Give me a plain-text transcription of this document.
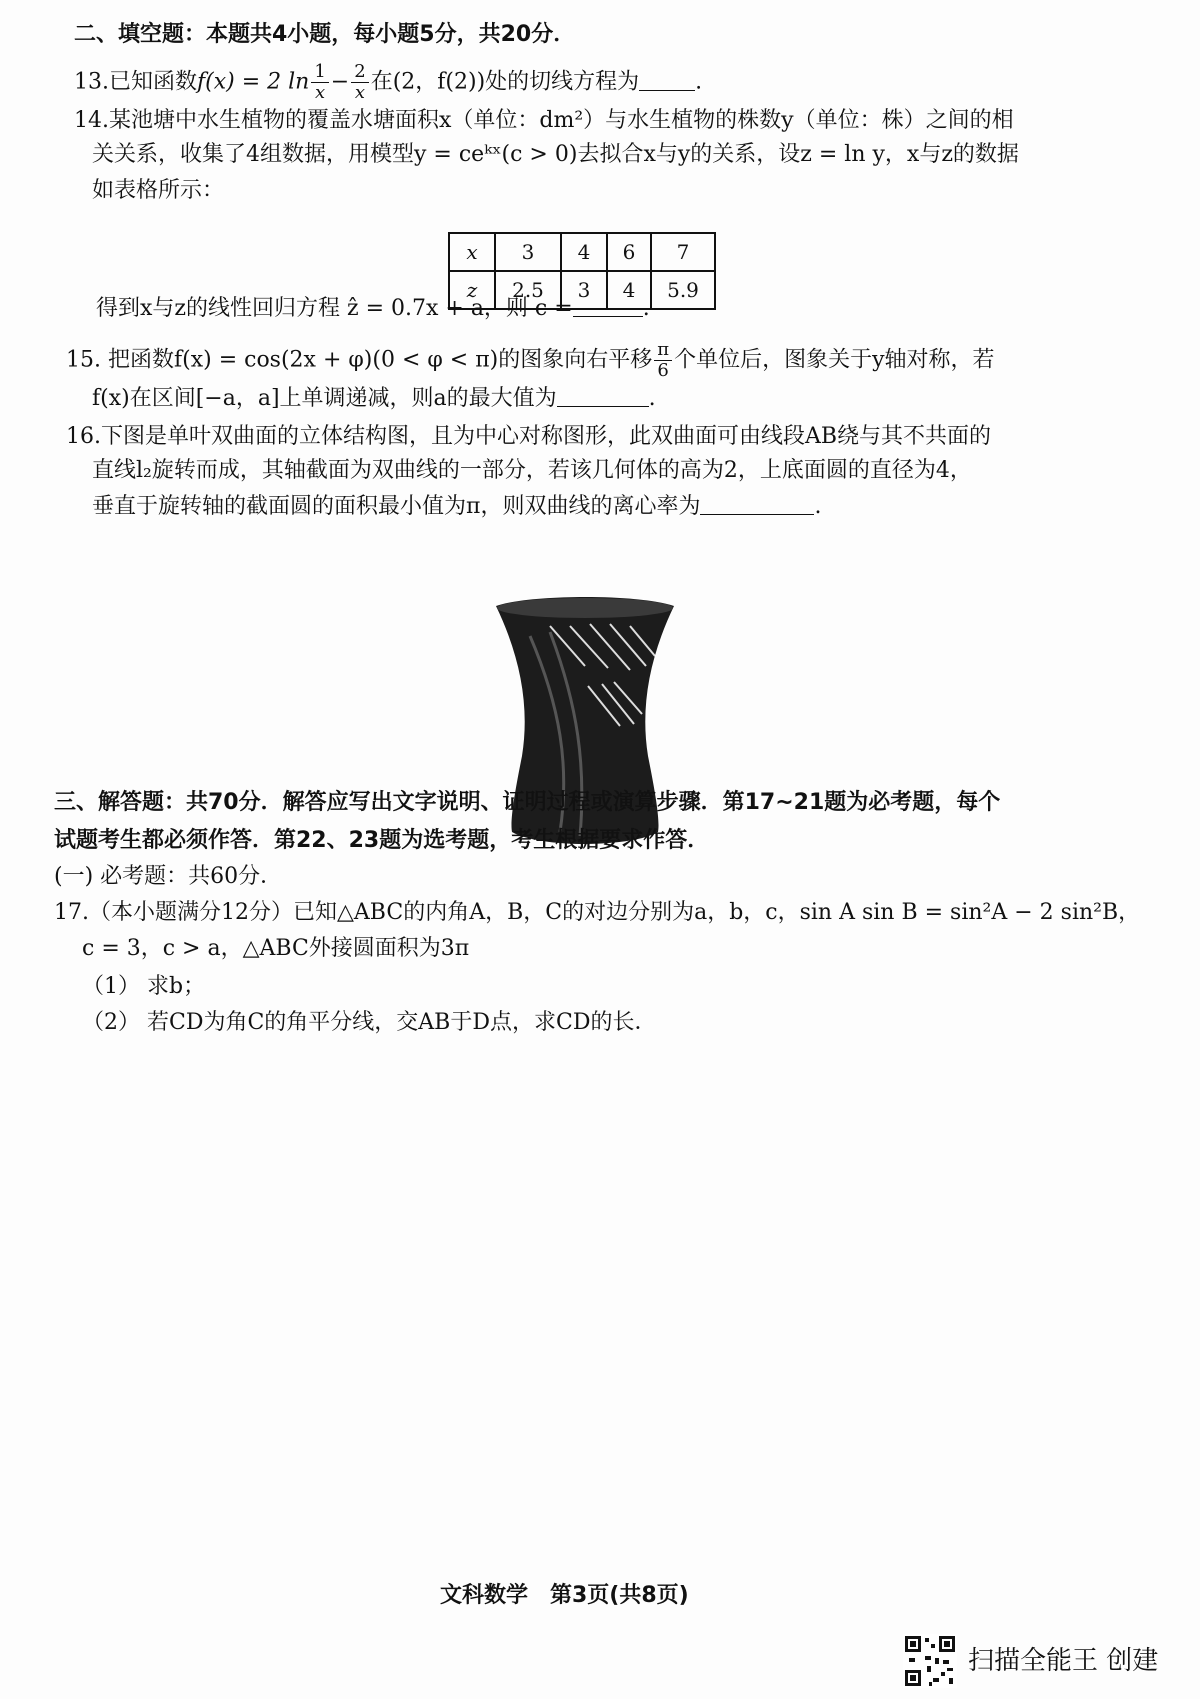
二、填空题：本题共4小题，每小题5分，共20分．
13.已知函数f(x) = 2 $\ln \frac{1}{x} - \frac{2}{x}$ 在(2，f(2))处的切线方程为	.
14.某池塘中水生植物的覆盖水塘面积x（单位：dm²）与水生植物的株数y（单位：株）之间的相
关关系，收集了4组数据，用模型y = ceᵏˣ(c > 0)去拟合x与y的关系，设z = ln y，x与z的数据
如表格所示：
x	3	4	6	7
z	2.5	3	4	5.9
得到x与z的线性回归方程 ẑ = 0.7x + a，则 c =	.
15. 把函数f(x) = cos(2x + φ)(0 < φ < π)的图象向右平移 $\frac{\pi}{6}$ 个单位后，图象关于y轴对称，若
f(x)在区间[−a，a]上单调递减，则a的最大值为	.
16.下图是单叶双曲面的立体结构图，且为中心对称图形，此双曲面可由线段AB绕与其不共面的
直线l₂旋转而成，其轴截面为双曲线的一部分，若该几何体的高为2，上底面圆的直径为4，
垂直于旋转轴的截面圆的面积最小值为π，则双曲线的离心率为	.
三、解答题：共70分．解答应写出文字说明、证明过程或演算步骤．第17~21题为必考题，每个
试题考生都必须作答．第22、23题为选考题，考生根据要求作答．
(一) 必考题：共60分．
17.（本小题满分12分）已知△ABC的内角A，B，C的对边分别为a，b，c，sin A sin B = sin²A − 2 sin²B，
c = 3，c > a，△ABC外接圆面积为3π
（1） 求b；
（2） 若CD为角C的角平分线，交AB于D点，求CD的长．
文科数学　第3页(共8页)
扫描全能王 创建
